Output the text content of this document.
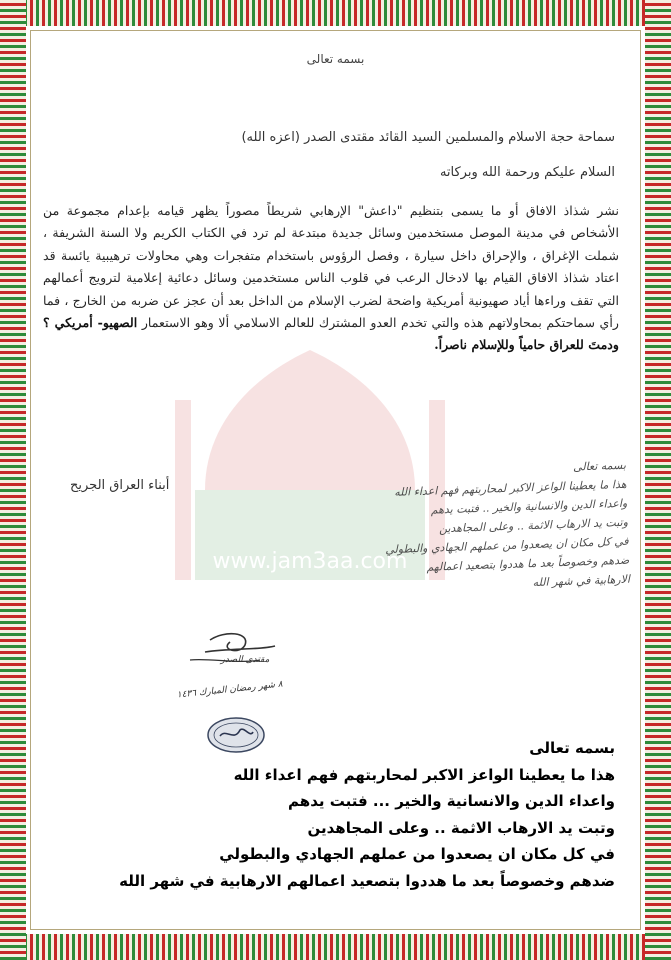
www.jam3aa.com
بسمه تعالى
سماحة حجة الاسلام والمسلمين السيد القائد مقتدى الصدر (اعزه الله)
السلام عليكم ورحمة الله وبركاته
نشر شذاذ الافاق أو ما يسمى بتنظيم "داعش" الإرهابي شريطاً مصوراً يظهر قيامه بإعدام مجموعة من الأشخاص في مدينة الموصل مستخدمين وسائل جديدة مبتدعة لم ترد في الكتاب الكريم ولا السنة الشريفة ، شملت الإغراق ، والإحراق داخل سيارة ، وفصل الرؤوس باستخدام متفجرات وهي محاولات ترهيبية يائسة قد اعتاد شذاذ الافاق القيام بها لادخال الرعب في قلوب الناس مستخدمين وسائل دعائية إعلامية لترويج أعمالهم التي تقف وراءها أياد صهيونية أمريكية واضحة لضرب الإسلام من الداخل بعد أن عجز عن ضربه من الخارج ، فما رأي سماحتكم بمحاولاتهم هذه والتي تخدم العدو المشترك للعالم الاسلامي ألا وهو الاستعمار الصهيو- أمريكي ؟ ودمتَ للعراق حامياً وللإسلام ناصراً.
أبناء العراق الجريح
بسمه تعالى
هذا ما يعطينا الواعز الاكبر لمحاربتهم فهم اعداء الله
واعداء الدين والانسانية والخير .. فتبت يدهم
وتبت يد الارهاب الاثمة .. وعلى المجاهدين
في كل مكان ان يصعدوا من عملهم الجهادي والبطولي
ضدهم وخصوصاً بعد ما هددوا بتصعيد اعمالهم
الارهابية في شهر الله
مقتدى الصدر
٨ شهر رمضان المبارك ١٤٣٦
بسمه تعالى
هذا ما يعطينا الواعز الاكبر لمحاربتهم فهم اعداء الله
واعداء الدين والانسانية والخير ... فتبت يدهم
وتبت يد الارهاب الاثمة .. وعلى المجاهدين
في كل مكان ان يصعدوا من عملهم الجهادي والبطولي
ضدهم وخصوصاً بعد ما هددوا بتصعيد اعمالهم الارهابية في شهر الله
